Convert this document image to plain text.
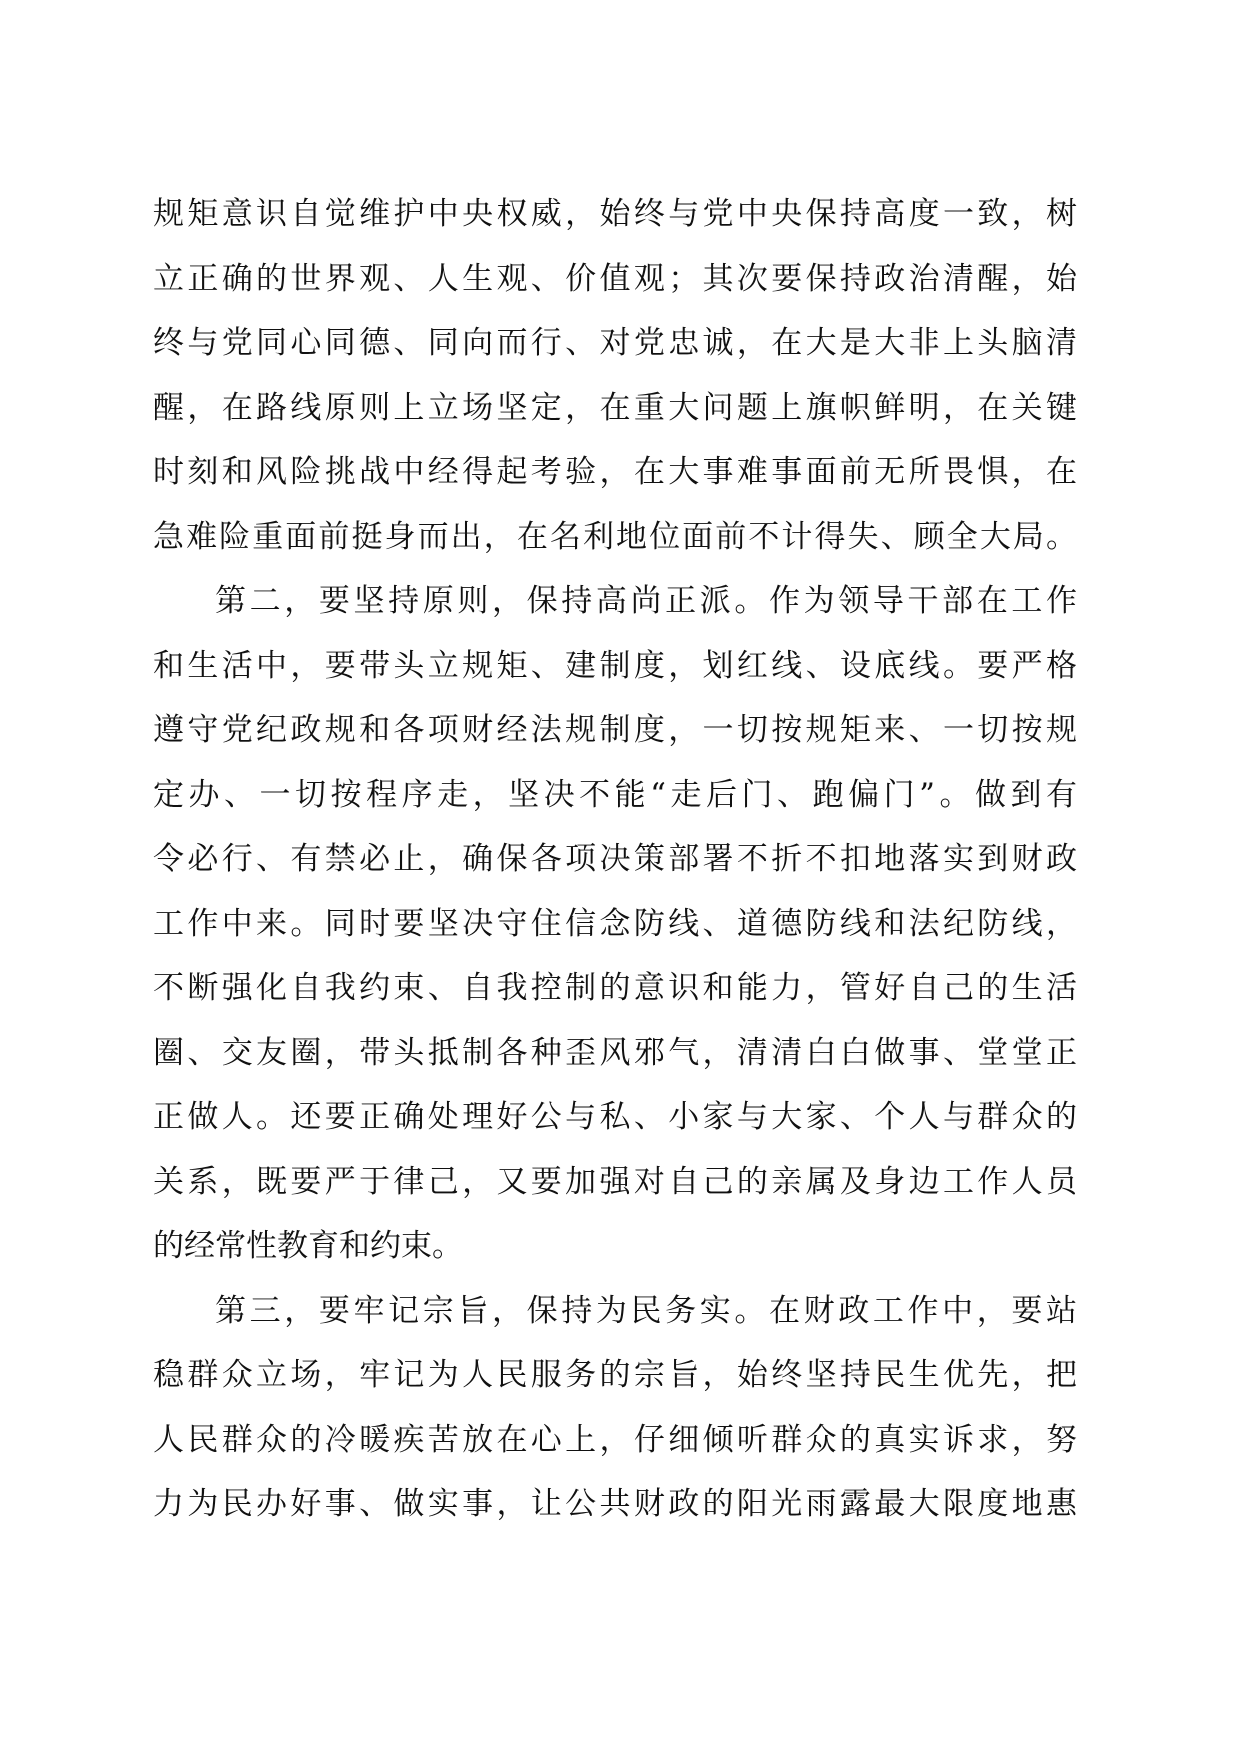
规矩意识自觉维护中央权威，始终与党中央保持高度一致，树
立正确的世界观、人生观、价值观；其次要保持政治清醒，始
终与党同心同德、同向而行、对党忠诚，在大是大非上头脑清
醒，在路线原则上立场坚定，在重大问题上旗帜鲜明，在关键
时刻和风险挑战中经得起考验，在大事难事面前无所畏惧，在
急难险重面前挺身而出，在名利地位面前不计得失、顾全大局。
第二，要坚持原则，保持高尚正派。作为领导干部在工作
和生活中，要带头立规矩、建制度，划红线、设底线。要严格
遵守党纪政规和各项财经法规制度，一切按规矩来、一切按规
定办、一切按程序走，坚决不能“走后门、跑偏门”。做到有
令必行、有禁必止，确保各项决策部署不折不扣地落实到财政
工作中来。同时要坚决守住信念防线、道德防线和法纪防线，
不断强化自我约束、自我控制的意识和能力，管好自己的生活
圈、交友圈，带头抵制各种歪风邪气，清清白白做事、堂堂正
正做人。还要正确处理好公与私、小家与大家、个人与群众的
关系，既要严于律己，又要加强对自己的亲属及身边工作人员
的经常性教育和约束。
第三，要牢记宗旨，保持为民务实。在财政工作中，要站
稳群众立场，牢记为人民服务的宗旨，始终坚持民生优先，把
人民群众的冷暖疾苦放在心上，仔细倾听群众的真实诉求，努
力为民办好事、做实事，让公共财政的阳光雨露最大限度地惠
